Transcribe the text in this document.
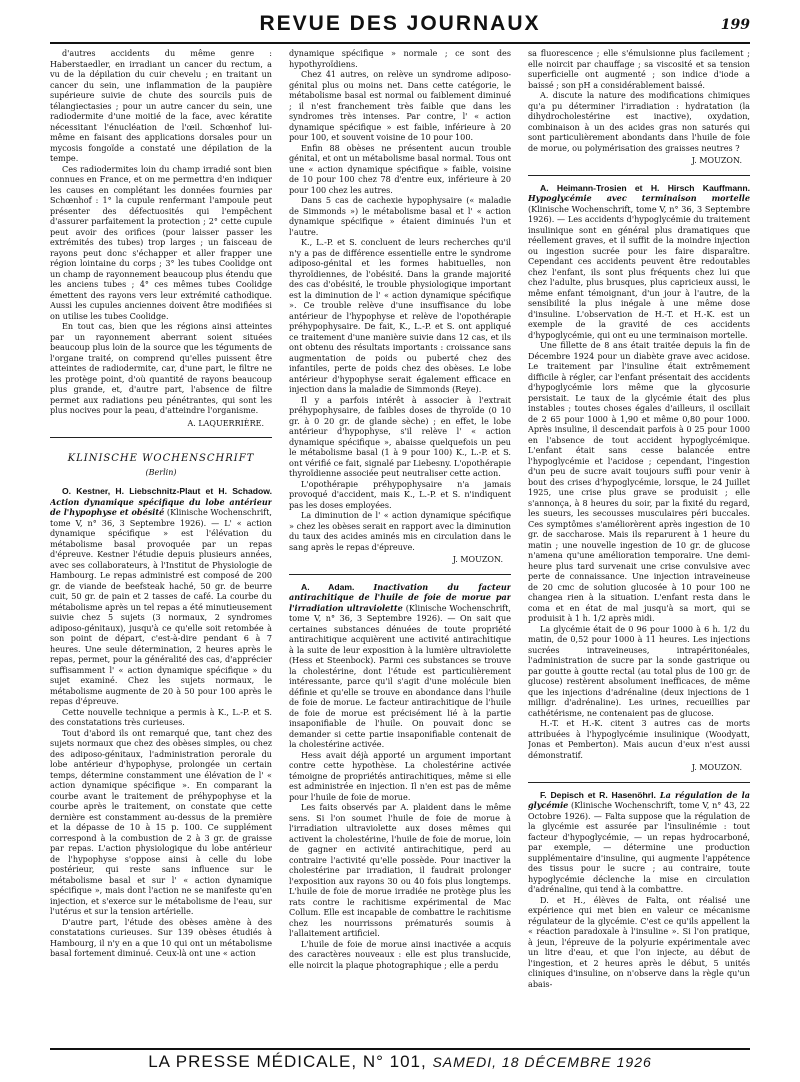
REVUE DES JOURNAUX	199

d'autres accidents du même genre : Haberstaedler, en irradiant un cancer du rectum, a vu de la dépilation du cuir chevelu ; en traitant un cancer du sein, une inflammation de la paupière supérieure suivie de chute des sourcils puis de télangiectasies ; pour un autre cancer du sein, une radiodermite d'une moitié de la face, avec kératite nécessitant l'énucléation de l'œil. Schœnhof lui-même en faisant des applications dorsales pour un mycosis fongoïde a constaté une dépilation de la tempe.

Ces radiodermites loin du champ irradié sont bien connues en France, et on me permettra d'en indiquer les causes en complétant les données fournies par Schœnhof : 1° la cupule renfermant l'ampoule peut présenter des défectuosités qui l'empêchent d'assurer parfaitement la protection ; 2° cette cupule peut avoir des orifices (pour laisser passer les extrémités des tubes) trop larges ; un faisceau de rayons peut donc s'échapper et aller frapper une région lointaine du corps ; 3° les tubes Coolidge ont un champ de rayonnement beaucoup plus étendu que les anciens tubes ; 4° ces mêmes tubes Coolidge émettent des rayons vers leur extrémité cathodique. Aussi les cupules anciennes doivent être modifiées si on utilise les tubes Coolidge.

En tout cas, bien que les régions ainsi atteintes par un rayonnement aberrant soient situées beaucoup plus loin de la source que les téguments de l'organe traité, on comprend qu'elles puissent être atteintes de radiodermite, car, d'une part, le filtre ne les protège point, d'où quantité de rayons beaucoup plus grande, et, d'autre part, l'absence de filtre permet aux radiations peu pénétrantes, qui sont les plus nocives pour la peau, d'atteindre l'organisme.

A. LAQUERRIÈRE.

KLINISCHE WOCHENSCHRIFT
(Berlin)

O. Kestner, H. Liebschnitz-Plaut et H. Schadow. Action dynamique spécifique du lobe antérieur de l'hypophyse et obésité (Klinische Wochenschrift, tome V, n° 36, 3 Septembre 1926). — L' « action dynamique spécifique » est l'élévation du métabolisme basal provoquée par un repas d'épreuve. Kestner l'étudie depuis plusieurs années, avec ses collaborateurs, à l'Institut de Physiologie de Hambourg. Le repas administré est composé de 200 gr. de viande de beefsteak haché, 50 gr. de beurre cuit, 50 gr. de pain et 2 tasses de café. La courbe du métabolisme après un tel repas a été minutieusement suivie chez 5 sujets (3 normaux, 2 syndromes adiposo-génitaux), jusqu'à ce qu'elle soit retombée à son point de départ, c'est-à-dire pendant 6 à 7 heures. Une seule détermination, 2 heures après le repas, permet, pour la généralité des cas, d'apprécier suffisamment l' « action dynamique spécifique » du sujet examiné. Chez les sujets normaux, le métabolisme augmente de 20 à 50 pour 100 après le repas d'épreuve.

Cette nouvelle technique a permis à K., L.-P. et S. des constatations très curieuses.

Tout d'abord ils ont remarqué que, tant chez des sujets normaux que chez des obèses simples, ou chez des adiposo-génitaux, l'administration perorale du lobe antérieur d'hypophyse, prolongée un certain temps, détermine constamment une élévation de l' « action dynamique spécifique ». En comparant la courbe avant le traitement de préhypophyse et la courbe après le traitement, on constate que cette dernière est constamment au-dessus de la première et la dépasse de 10 à 15 p. 100. Ce supplément correspond à la combustion de 2 à 3 gr. de graisse par repas. L'action physiologique du lobe antérieur de l'hypophyse s'oppose ainsi à celle du lobe postérieur, qui reste sans influence sur le métabolisme basal et sur l' « action dynamique spécifique », mais dont l'action ne se manifeste qu'en injection, et s'exerce sur le métabolisme de l'eau, sur l'utérus et sur la tension artérielle.

D'autre part, l'étude des obèses amène à des constatations curieuses. Sur 139 obèses étudiés à Hambourg, il n'y en a que 10 qui ont un métabolisme basal fortement diminué. Ceux-là ont une « action

dynamique spécifique » normale ; ce sont des hypothyroïdiens.

Chez 41 autres, on relève un syndrome adiposo-génital plus ou moins net. Dans cette catégorie, le métabolisme basal est normal ou faiblement diminué ; il n'est franchement très faible que dans les syndromes très intenses. Par contre, l' « action dynamique spécifique » est faible, inférieure à 20 pour 100, et souvent voisine de 10 pour 100.

Enfin 88 obèses ne présentent aucun trouble génital, et ont un métabolisme basal normal. Tous ont une « action dynamique spécifique » faible, voisine de 10 pour 100 chez 78 d'entre eux, inférieure à 20 pour 100 chez les autres.

Dans 5 cas de cachexie hypophysaire (« maladie de Simmonds ») le métabolisme basal et l' « action dynamique spécifique » étaient diminués l'un et l'autre.

K., L.-P. et S. concluent de leurs recherches qu'il n'y a pas de différence essentielle entre le syndrome adiposo-génital et les formes habituelles, non thyroïdiennes, de l'obésité. Dans la grande majorité des cas d'obésité, le trouble physiologique important est la diminution de l' « action dynamique spécifique ». Ce trouble relève d'une insuffisance du lobe antérieur de l'hypophyse et relève de l'opothérapie préhypophysaire. De fait, K., L.-P. et S. ont appliqué ce traitement d'une manière suivie dans 12 cas, et ils ont obtenu des résultats importants : croissance sans augmentation de poids ou puberté chez des infantiles, perte de poids chez des obèses. Le lobe antérieur d'hypophyse serait également efficace en injection dans la maladie de Simmonds (Reye).

Il y a parfois intérêt à associer à l'extrait préhypophysaire, de faibles doses de thyroïde (0 10 gr. à 0 20 gr. de glande sèche) ; en effet, le lobe antérieur d'hypophyse, s'il relève l' « action dynamique spécifique », abaisse quelquefois un peu le métabolisme basal (1 à 9 pour 100) K., L.-P. et S. ont vérifié ce fait, signalé par Liebesny. L'opothérapie thyroïdienne associée peut neutraliser cette action.

L'opothérapie préhypophysaire n'a jamais provoqué d'accident, mais K., L.-P. et S. n'indiquent pas les doses employées.

La diminution de l' « action dynamique spécifique » chez les obèses serait en rapport avec la diminution du taux des acides aminés mis en circulation dans le sang après le repas d'épreuve.

J. MOUZON.

A. Adam. Inactivation du facteur antirachitique de l'huile de foie de morue par l'irradiation ultraviolette (Klinische Wochenschrift, tome V, n° 36, 3 Septembre 1926). — On sait que certaines substances dénuées de toute propriété antirachitique acquièrent une activité antirachitique à la suite de leur exposition à la lumière ultraviolette (Hess et Steenbock). Parmi ces substances se trouve la cholestérine, dont l'étude est particulièrement intéressante, parce qu'il s'agit d'une molécule bien définie et qu'elle se trouve en abondance dans l'huile de foie de morue. Le facteur antirachitique de l'huile de foie de morue est précisément lié à la partie insaponifiable de l'huile. On pouvait donc se demander si cette partie insaponifiable contenait de la cholestérine activée.

Hess avait déjà apporté un argument important contre cette hypothèse. La cholestérine activée témoigne de propriétés antirachitiques, même si elle est administrée en injection. Il n'en est pas de même pour l'huile de foie de morue.

Les faits observés par A. plaident dans le même sens. Si l'on soumet l'huile de foie de morue à l'irradiation ultraviolette aux doses mêmes qui activent la cholestérine, l'huile de foie de morue, loin de gagner en activité antirachitique, perd au contraire l'activité qu'elle possède. Pour inactiver la cholestérine par irradiation, il faudrait prolonger l'exposition aux rayons 30 ou 40 fois plus longtemps. L'huile de foie de morue irradiée ne protège plus les rats contre le rachitisme expérimental de Mac Collum. Elle est incapable de combattre le rachitisme chez les nourrissons prématurés soumis à l'allaitement artificiel.

L'huile de foie de morue ainsi inactivée a acquis des caractères nouveaux : elle est plus translucide, elle noircit la plaque photographique ; elle a perdu

sa fluorescence ; elle s'émulsionne plus facilement ; elle noircit par chauffage ; sa viscosité et sa tension superficielle ont augmenté ; son indice d'iode a baissé ; son pH a considérablement baissé.

A. discute la nature des modifications chimiques qu'a pu déterminer l'irradiation : hydratation (la dihydrocholestérine est inactive), oxydation, combinaison à un des acides gras non saturés qui sont particulièrement abondants dans l'huile de foie de morue, ou polymérisation des graisses neutres ?

J. MOUZON.

A. Heimann-Trosien et H. Hirsch Kauffmann. Hypoglycémie avec terminaison mortelle (Klinische Wochenschrift, tome V, n° 36, 3 Septembre 1926). — Les accidents d'hypoglycémie du traitement insulinique sont en général plus dramatiques que réellement graves, et il suffit de la moindre injection ou ingestion sucrée pour les faire disparaître. Cependant ces accidents peuvent être redoutables chez l'enfant, ils sont plus fréquents chez lui que chez l'adulte, plus brusques, plus capricieux aussi, le même enfant témoignant, d'un jour à l'autre, de la sensibilité la plus inégale à une même dose d'insuline. L'observation de H.-T. et H.-K. est un exemple de la gravité de ces accidents d'hypoglycémie, qui ont eu une terminaison mortelle.

Une fillette de 8 ans était traitée depuis la fin de Décembre 1924 pour un diabète grave avec acidose. Le traitement par l'insuline était extrêmement difficile à régler, car l'enfant présentait des accidents d'hypoglycémie lors même que la glycosurie persistait. Le taux de la glycémie était des plus instables ; toutes choses égales d'ailleurs, il oscillait de 2 65 pour 1000 à 1,90 et même 0,80 pour 1000. Après insuline, il descendait parfois à 0 25 pour 1000 en l'absence de tout accident hypoglycémique. L'enfant était sans cesse balancée entre l'hypoglycémie et l'acidose ; cependant, l'ingestion d'un peu de sucre avait toujours suffi pour venir à bout des crises d'hypoglycémie, lorsque, le 24 Juillet 1925, une crise plus grave se produisit ; elle s'annonça, à 8 heures du soir, par la fixité du regard, les sueurs, les secousses musculaires péri buccales. Ces symptômes s'améliorèrent après ingestion de 10 gr. de saccharose. Mais ils reparurent à 1 heure du matin ; une nouvelle ingestion de 10 gr. de glucose n'amena qu'une amélioration temporaire. Une demi-heure plus tard survenait une crise convulsive avec perte de connaissance. Une injection intraveineuse de 20 cmc de solution glucosée à 10 pour 100 ne changea rien à la situation. L'enfant resta dans le coma et en état de mal jusqu'à sa mort, qui se produisit à 1 h. 1/2 après midi.

La glycémie était de 0 96 pour 1000 à 6 h. 1/2 du matin, de 0,52 pour 1000 à 11 heures. Les injections sucrées intraveineuses, intrapéritonéales, l'administration de sucre par la sonde gastrique ou par goutte à goutte rectal (au total plus de 100 gr. de glucose) restèrent absolument inefficaces, de même que les injections d'adrénaline (deux injections de 1 milligr. d'adrénaline). Les urines, recueillies par cathétérisme, ne contenaient pas de glucose.

H.-T. et H.-K. citent 3 autres cas de morts attribuées à l'hypoglycémie insulinique (Woodyatt, Jonas et Pemberton). Mais aucun d'eux n'est aussi démonstratif.

J. MOUZON.

F. Depisch et R. Hasenöhrl. La régulation de la glycémie (Klinische Wochenschrift, tome V, n° 43, 22 Octobre 1926). — Falta suppose que la régulation de la glycémie est assurée par l'insulinémie : tout facteur d'hypoglycémie, — un repas hydrocarboné, par exemple, — détermine une production supplémentaire d'insuline, qui augmente l'appétence des tissus pour le sucre ; au contraire, toute hypoglycémie déclenche la mise en circulation d'adrénaline, qui tend à la combattre.

D. et H., élèves de Falta, ont réalisé une expérience qui met bien en valeur ce mécanisme régulateur de la glycémie. C'est ce qu'ils appellent la « réaction paradoxale à l'insuline ». Si l'on pratique, à jeun, l'épreuve de la polyurie expérimentale avec un litre d'eau, et que l'on injecte, au début de l'ingestion, et 2 heures après le début, 5 unités cliniques d'insuline, on n'observe dans la règle qu'un abais-

LA PRESSE MÉDICALE, N° 101, SAMEDI, 18 DÉCEMBRE 1926
